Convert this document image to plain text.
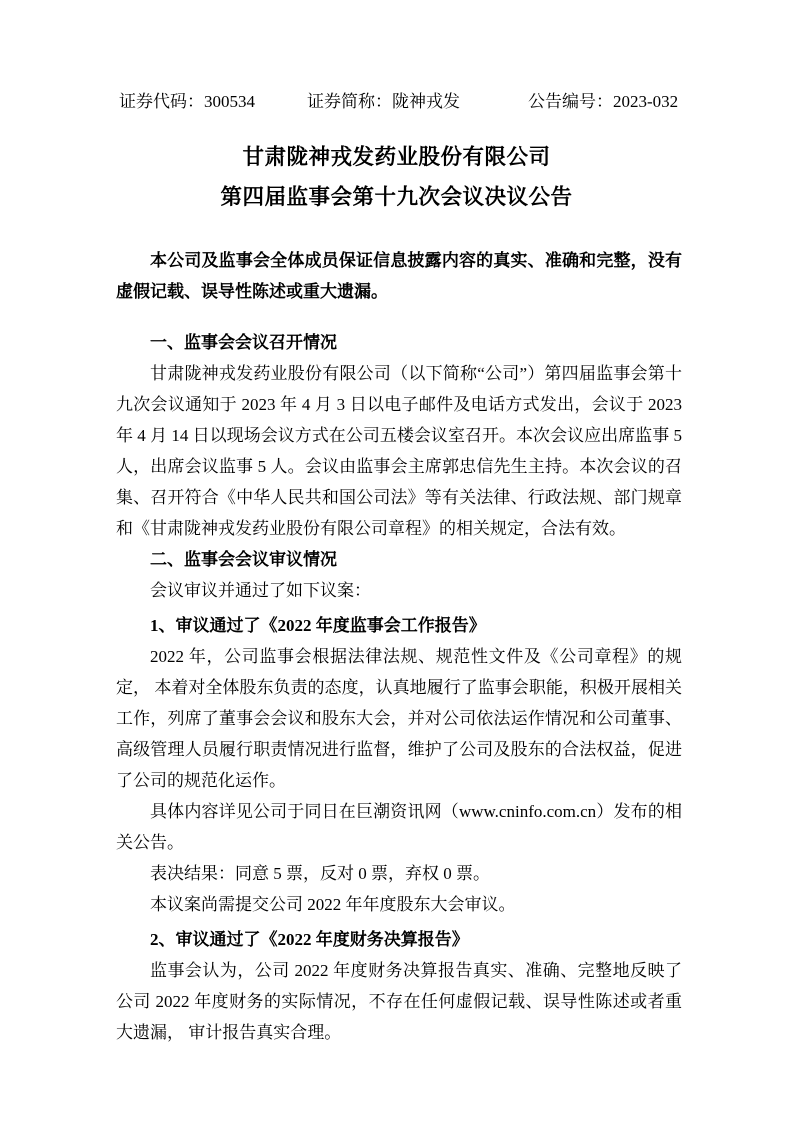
证券代码：300534	证券简称：陇神戎发	公告编号：2023-032
甘肃陇神戎发药业股份有限公司
第四届监事会第十九次会议决议公告
本公司及监事会全体成员保证信息披露内容的真实、准确和完整，没有虚假记载、误导性陈述或重大遗漏。
一、监事会会议召开情况

甘肃陇神戎发药业股份有限公司（以下简称“公司”）第四届监事会第十九次会议通知于 2023 年 4 月 3 日以电子邮件及电话方式发出，会议于 2023 年 4 月 14 日以现场会议方式在公司五楼会议室召开。本次会议应出席监事 5 人，出席会议监事 5 人。会议由监事会主席郭忠信先生主持。本次会议的召集、召开符合《中华人民共和国公司法》等有关法律、行政法规、部门规章和《甘肃陇神戎发药业股份有限公司章程》的相关规定，合法有效。

二、监事会会议审议情况

会议审议并通过了如下议案：

1、审议通过了《2022 年度监事会工作报告》

2022 年，公司监事会根据法律法规、规范性文件及《公司章程》的规定， 本着对全体股东负责的态度，认真地履行了监事会职能，积极开展相关工作，列席了董事会会议和股东大会，并对公司依法运作情况和公司董事、高级管理人员履行职责情况进行监督，维护了公司及股东的合法权益，促进了公司的规范化运作。

具体内容详见公司于同日在巨潮资讯网（www.cninfo.com.cn）发布的相关公告。

表决结果：同意 5 票，反对 0 票，弃权 0 票。

本议案尚需提交公司 2022 年年度股东大会审议。

2、审议通过了《2022 年度财务决算报告》

监事会认为，公司 2022 年度财务决算报告真实、准确、完整地反映了公司 2022 年度财务的实际情况，不存在任何虚假记载、误导性陈述或者重大遗漏， 审计报告真实合理。
